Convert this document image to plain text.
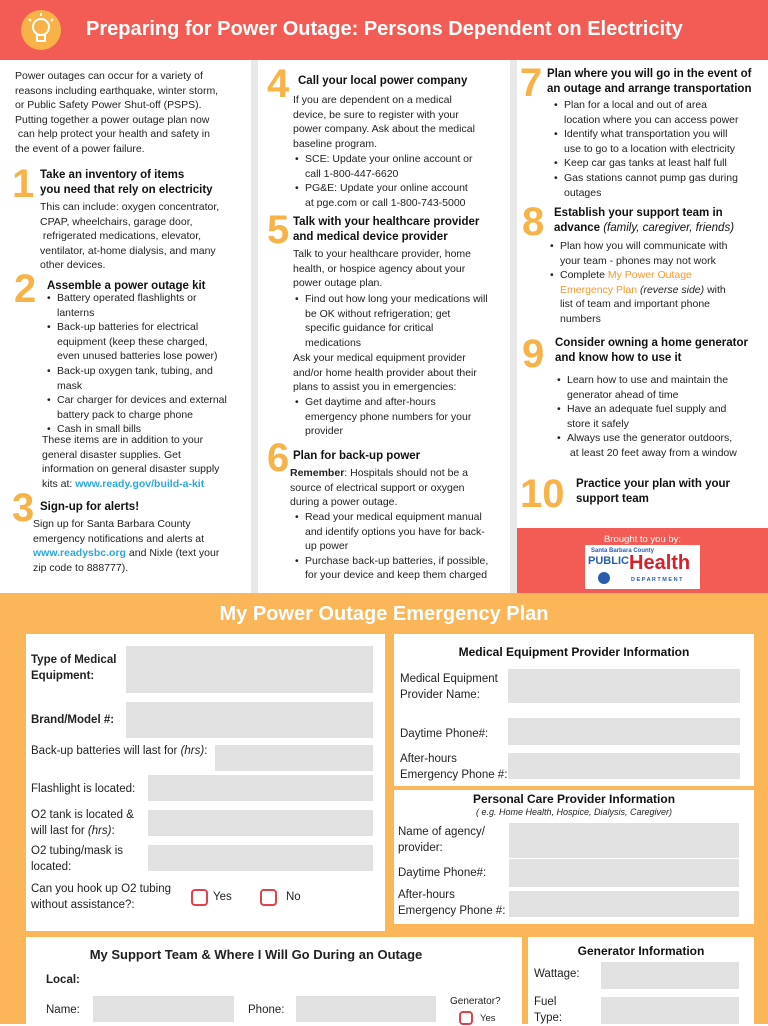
Preparing for Power Outage: Persons Dependent on Electricity
Power outages can occur for a variety of
reasons including earthquake, winter storm,
or Public Safety Power Shut-off (PSPS).
Putting together a power outage plan now
can help protect your health and safety in
the event of a power failure.
1 Take an inventory of items
you need that rely on electricity
This can include: oxygen concentrator,
CPAP, wheelchairs, garage door,
refrigerated medications, elevator,
ventilator, at-home dialysis, and many
other devices.
2 Assemble a power outage kit
• Battery operated flashlights or
lanterns
• Back-up batteries for electrical
equipment (keep these charged,
even unused batteries lose power)
• Back-up oxygen tank, tubing, and
mask
• Car charger for devices and external
battery pack to charge phone
• Cash in small bills
These items are in addition to your
general disaster supplies. Get
information on general disaster supply
kits at: www.ready.gov/build-a-kit
3 Sign-up for alerts!
Sign up for Santa Barbara County
emergency notifications and alerts at
www.readysbc.org and Nixle (text your
zip code to 888777).
4 Call your local power company
If you are dependent on a medical
device, be sure to register with your
power company. Ask about the medical
baseline program.
• SCE: Update your online account or
call 1-800-447-6620
• PG&E: Update your online account
at pge.com or call 1-800-743-5000
5 Talk with your healthcare provider
and medical device provider
Talk to your healthcare provider, home
health, or hospice agency about your
power outage plan.
• Find out how long your medications will
be OK without refrigeration; get
specific guidance for critical
medications
Ask your medical equipment provider
and/or home health provider about their
plans to assist you in emergencies:
• Get daytime and after-hours
emergency phone numbers for your
provider
6 Plan for back-up power
Remember: Hospitals should not be a
source of electrical support or oxygen
during a power outage.
• Read your medical equipment manual
and identify options you have for back-
up power
• Purchase back-up batteries, if possible,
for your device and keep them charged
7 Plan where you will go in the event of
an outage and arrange transportation
• Plan for a local and out of area
location where you can access power
• Identify what transportation you will
use to go to a location with electricity
• Keep car gas tanks at least half full
• Gas stations cannot pump gas during
outages
8 Establish your support team in
advance (family, caregiver, friends)
• Plan how you will communicate with
your team - phones may not work
• Complete My Power Outage
Emergency Plan (reverse side) with
list of team and important phone
numbers
9 Consider owning a home generator
and know how to use it
• Learn how to use and maintain the
generator ahead of time
• Have an adequate fuel supply and
store it safely
• Always use the generator outdoors,
at least 20 feet away from a window
10 Practice your plan with your
support team
Brought to you by:
Santa Barbara County
PUBLIC Health
D E P A R T M E N T
My Power Outage Emergency Plan
Type of Medical
Equipment:
Brand/Model #:
Back-up batteries will last for (hrs):
Flashlight is located:
O2 tank is located &
will last for (hrs):
O2 tubing/mask is
located:
Can you hook up O2 tubing
without assistance?:
Yes	No
Medical Equipment Provider Information
Medical Equipment
Provider Name:
Daytime Phone#:
After-hours
Emergency Phone #:
Personal Care Provider Information
( e.g. Home Health, Hospice, Dialysis, Caregiver)
Name of agency/
provider:
Daytime Phone#:
After-hours
Emergency Phone #:
My Support Team & Where I Will Go During an Outage
Local:
Name:	Phone:
Generator?
Yes
Generator Information
Wattage:
Fuel
Type:
